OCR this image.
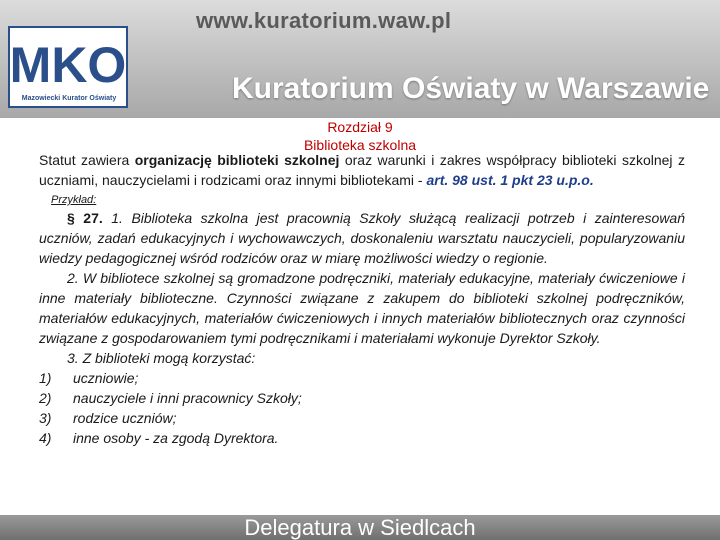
www.kuratorium.waw.pl
MKO
Mazowiecki Kurator Oświaty	Kuratorium Oświaty w Warszawie
Rozdział 9
Biblioteka szkolna
Statut zawiera organizację biblioteki szkolnej oraz warunki i zakres współpracy biblioteki szkolnej z uczniami, nauczycielami i rodzicami oraz innymi bibliotekami - art. 98 ust. 1 pkt 23 u.p.o.
Przykład:
§ 27. 1. Biblioteka szkolna jest pracownią Szkoły służącą realizacji potrzeb i zainteresowań uczniów, zadań edukacyjnych i wychowawczych, doskonaleniu warsztatu nauczycieli, popularyzowaniu wiedzy pedagogicznej wśród rodziców oraz w miarę możliwości wiedzy o regionie.
2. W bibliotece szkolnej są gromadzone podręczniki, materiały edukacyjne, materiały ćwiczeniowe i inne materiały biblioteczne. Czynności związane z zakupem do biblioteki szkolnej podręczników, materiałów edukacyjnych, materiałów ćwiczeniowych i innych materiałów bibliotecznych oraz czynności związane z gospodarowaniem tymi podręcznikami i materiałami wykonuje Dyrektor Szkoły.
3. Z biblioteki mogą korzystać:
1)	uczniowie;
2)	nauczyciele i inni pracownicy Szkoły;
3)	rodzice uczniów;
4)	inne osoby - za zgodą Dyrektora.
Delegatura w Siedlcach
